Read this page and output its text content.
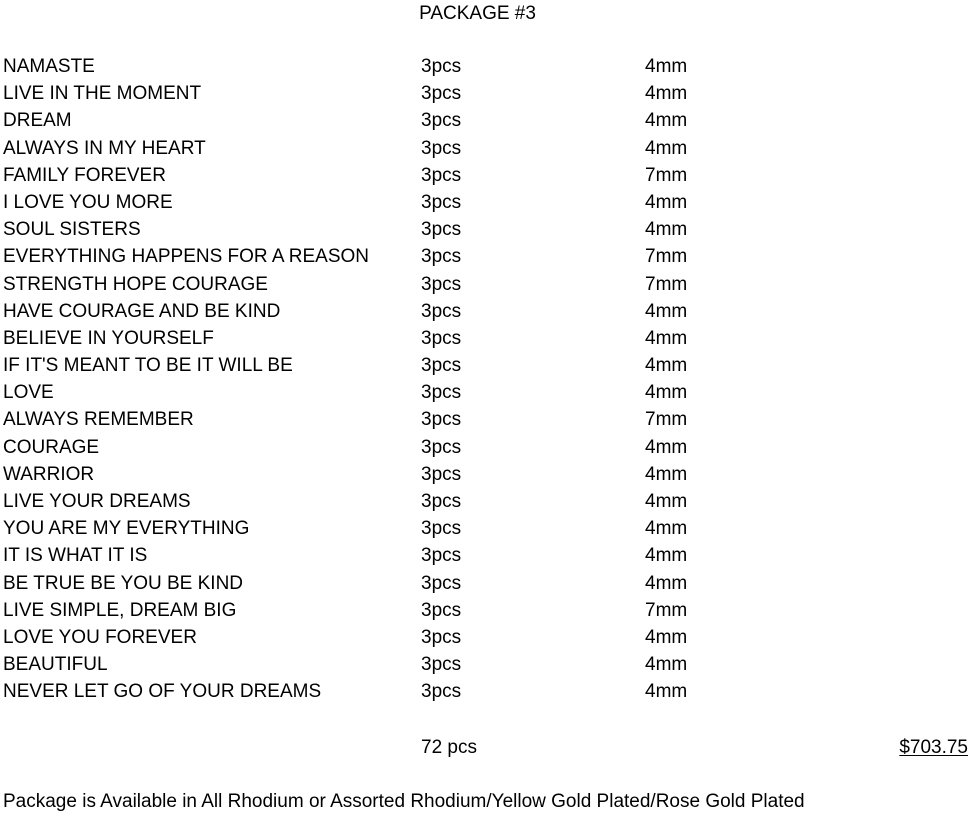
PACKAGE #3
NAMASTE	3pcs	4mm
LIVE IN THE MOMENT	3pcs	4mm
DREAM	3pcs	4mm
ALWAYS IN MY HEART	3pcs	4mm
FAMILY FOREVER	3pcs	7mm
I LOVE YOU MORE	3pcs	4mm
SOUL SISTERS	3pcs	4mm
EVERYTHING HAPPENS FOR A REASON	3pcs	7mm
STRENGTH HOPE COURAGE	3pcs	7mm
HAVE COURAGE AND BE KIND	3pcs	4mm
BELIEVE IN YOURSELF	3pcs	4mm
IF IT'S MEANT TO BE IT WILL BE	3pcs	4mm
LOVE	3pcs	4mm
ALWAYS REMEMBER	3pcs	7mm
COURAGE	3pcs	4mm
WARRIOR	3pcs	4mm
LIVE YOUR DREAMS	3pcs	4mm
YOU ARE MY EVERYTHING	3pcs	4mm
IT IS WHAT IT IS	3pcs	4mm
BE TRUE BE YOU BE KIND	3pcs	4mm
LIVE SIMPLE, DREAM BIG	3pcs	7mm
LOVE YOU FOREVER	3pcs	4mm
BEAUTIFUL	3pcs	4mm
NEVER LET GO OF YOUR DREAMS	3pcs	4mm
72 pcs	$703.75
Package is Available in All Rhodium or Assorted Rhodium/Yellow Gold Plated/Rose Gold Plated
